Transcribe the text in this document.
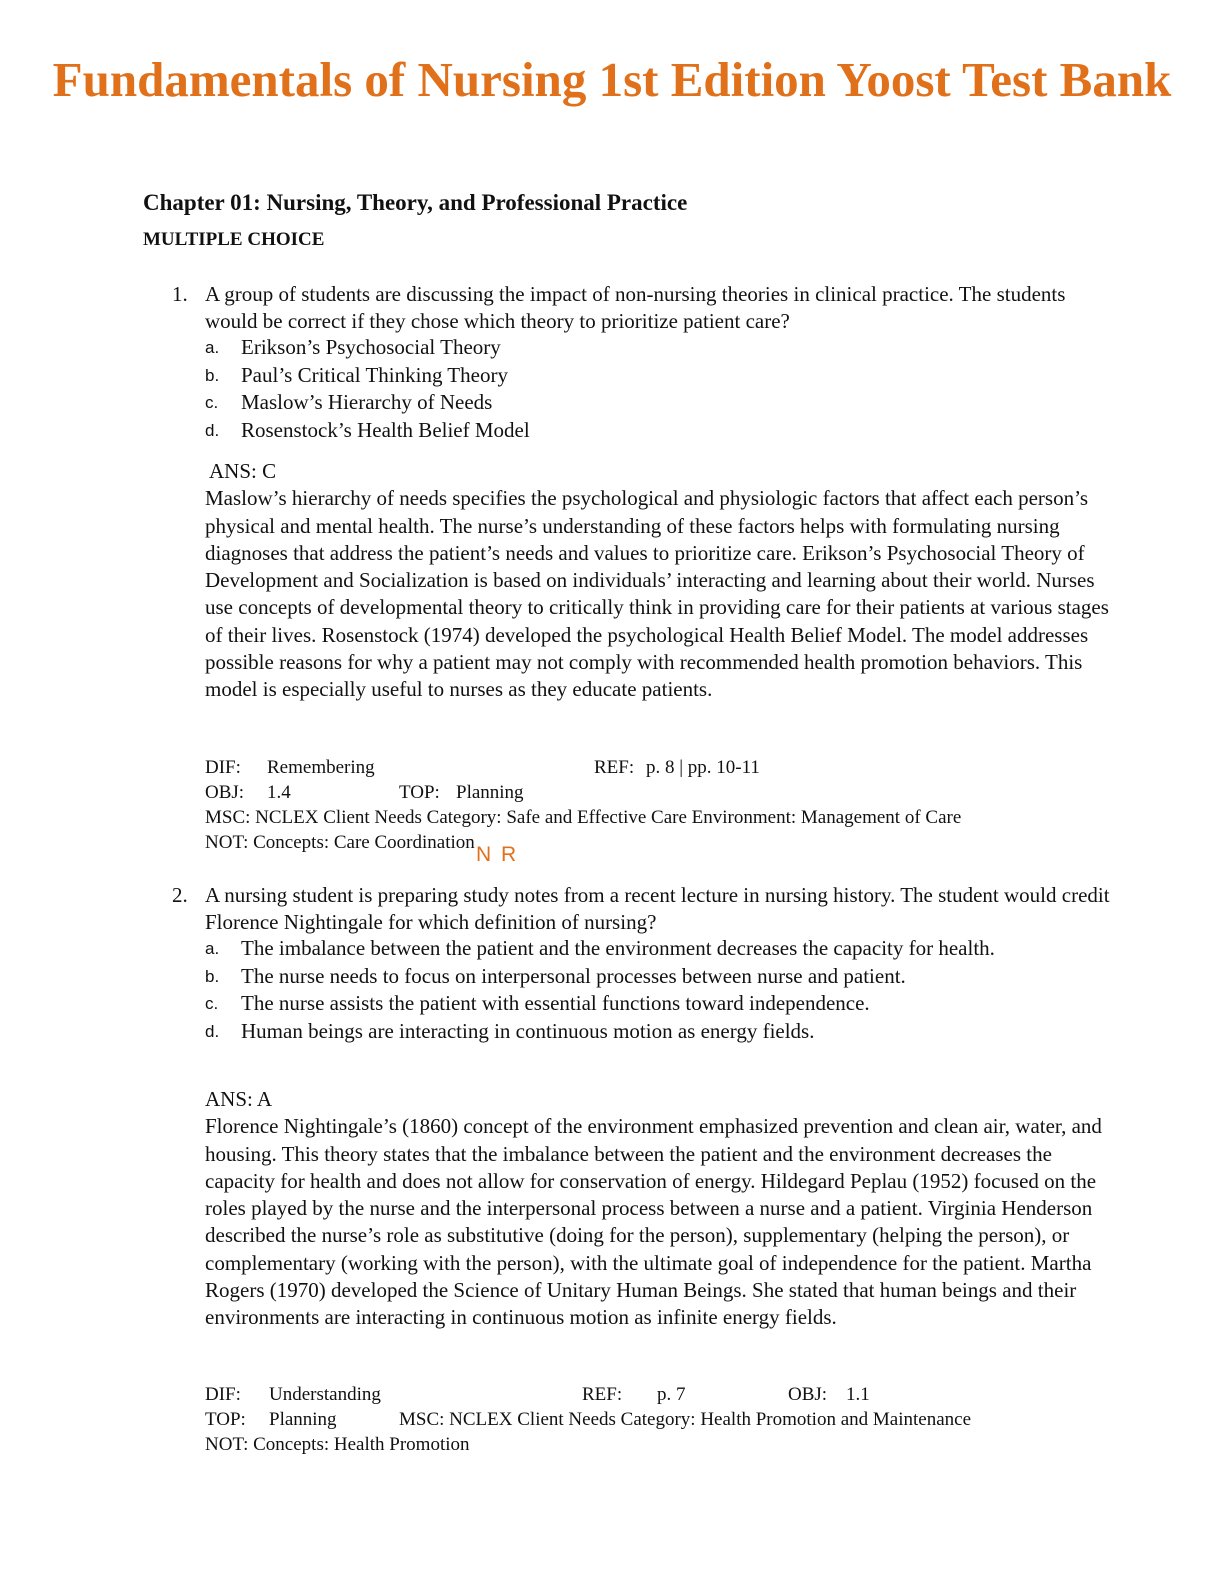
Fundamentals of Nursing 1st Edition Yoost Test Bank
Chapter 01: Nursing, Theory, and Professional Practice
MULTIPLE CHOICE
1. A group of students are discussing the impact of non-nursing theories in clinical practice. The students would be correct if they chose which theory to prioritize patient care?
a. Erikson’s Psychosocial Theory
b. Paul’s Critical Thinking Theory
c. Maslow’s Hierarchy of Needs
d. Rosenstock’s Health Belief Model
ANS: C
Maslow’s hierarchy of needs specifies the psychological and physiologic factors that affect each person’s physical and mental health. The nurse’s understanding of these factors helps with formulating nursing diagnoses that address the patient’s needs and values to prioritize care. Erikson’s Psychosocial Theory of Development and Socialization is based on individuals’ interacting and learning about their world. Nurses use concepts of developmental theory to critically think in providing care for their patients at various stages of their lives. Rosenstock (1974) developed the psychological Health Belief Model. The model addresses possible reasons for why a patient may not comply with recommended health promotion behaviors. This model is especially useful to nurses as they educate patients.
DIF: Remembering	REF: p. 8 | pp. 10-11
OBJ: 1.4	TOP: Planning
MSC: NCLEX Client Needs Category: Safe and Effective Care Environment: Management of Care
NOT: Concepts: Care Coordination
N R
2. A nursing student is preparing study notes from a recent lecture in nursing history. The student would credit Florence Nightingale for which definition of nursing?
a. The imbalance between the patient and the environment decreases the capacity for health.
b. The nurse needs to focus on interpersonal processes between nurse and patient.
c. The nurse assists the patient with essential functions toward independence.
d. Human beings are interacting in continuous motion as energy fields.
ANS: A
Florence Nightingale’s (1860) concept of the environment emphasized prevention and clean air, water, and housing. This theory states that the imbalance between the patient and the environment decreases the capacity for health and does not allow for conservation of energy. Hildegard Peplau (1952) focused on the roles played by the nurse and the interpersonal process between a nurse and a patient. Virginia Henderson described the nurse’s role as substitutive (doing for the person), supplementary (helping the person), or complementary (working with the person), with the ultimate goal of independence for the patient. Martha Rogers (1970) developed the Science of Unitary Human Beings. She stated that human beings and their environments are interacting in continuous motion as infinite energy fields.
DIF: Understanding	REF: p. 7	OBJ: 1.1
TOP: Planning	MSC: NCLEX Client Needs Category: Health Promotion and Maintenance
NOT: Concepts: Health Promotion
